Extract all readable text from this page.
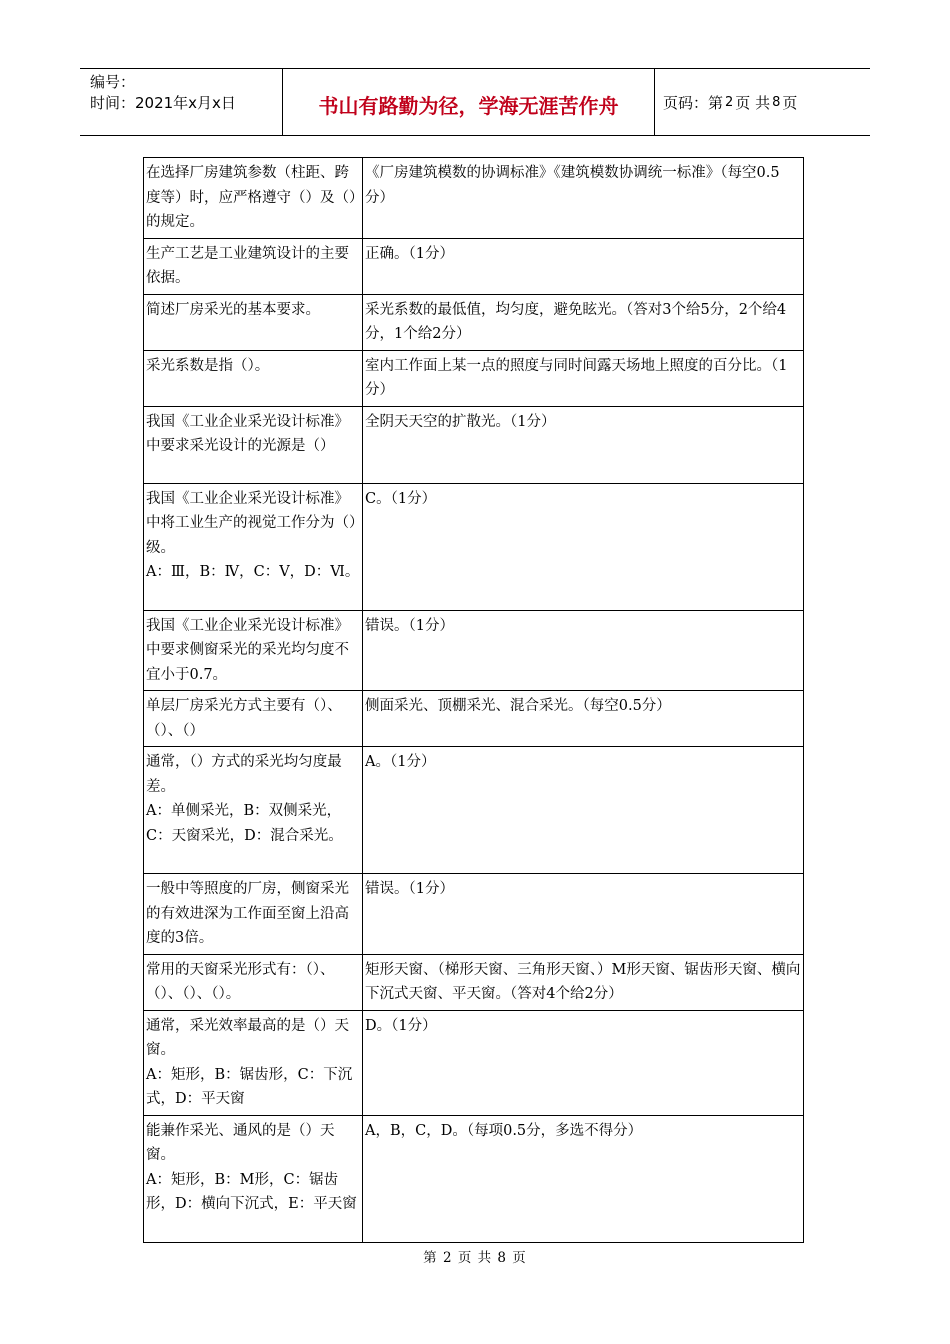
编号：
时间：2021年x月x日	书山有路勤为径，学海无涯苦作舟	页码：第 2 页 共 8 页
在选择厂房建筑参数（柱距、跨度等）时，应严格遵守（）及（）的规定。	《厂房建筑模数的协调标准》《建筑模数协调统一标准》（每空0.5分）

生产工艺是工业建筑设计的主要依据。	正确。（1分）

简述厂房采光的基本要求。	采光系数的最低值，均匀度，避免眩光。（答对3个给5分，2个给4分，1个给2分）

采光系数是指（）。	室内工作面上某一点的照度与同时间露天场地上照度的百分比。（1分）

我国《工业企业采光设计标准》中要求采光设计的光源是（）	全阴天天空的扩散光。（1分）

我国《工业企业采光设计标准》中将工业生产的视觉工作分为（）级。
A：Ⅲ，B：Ⅳ，C：Ⅴ，D：Ⅵ。	C。（1分）

我国《工业企业采光设计标准》中要求侧窗采光的采光均匀度不宜小于0.7。	错误。（1分）

单层厂房采光方式主要有（）、（）、（）	侧面采光、顶棚采光、混合采光。（每空0.5分）

通常，（）方式的采光均匀度最差。
A：单侧采光，B：双侧采光，C：天窗采光，D：混合采光。	A。（1分）

一般中等照度的厂房，侧窗采光的有效进深为工作面至窗上沿高度的3倍。	错误。（1分）

常用的天窗采光形式有：（）、（）、（）、（）。	矩形天窗、（梯形天窗、三角形天窗、）M形天窗、锯齿形天窗、横向下沉式天窗、平天窗。（答对4个给2分）

通常，采光效率最高的是（）天窗。
A：矩形，B：锯齿形，C：下沉式，D：平天窗	D。（1分）

能兼作采光、通风的是（）天窗。
A：矩形，B：M形，C：锯齿形，D：横向下沉式，E：平天窗	A，B，C，D。（每项0.5分，多选不得分）
第 2 页 共 8 页
